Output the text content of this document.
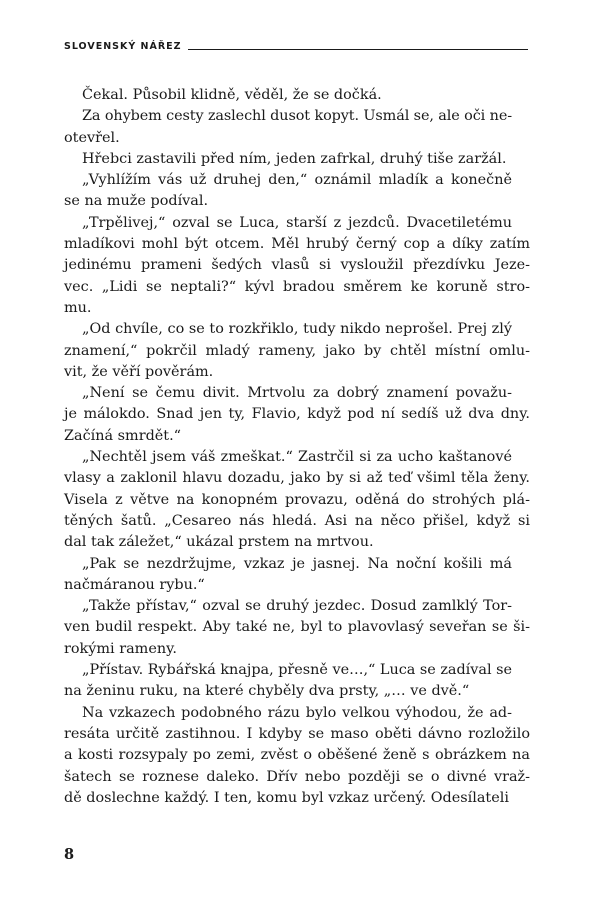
SLOVENSKÝ NÁŘEZ
Čekal. Působil klidně, věděl, že se dočká.
Za ohybem cesty zaslechl dusot kopyt. Usmál se, ale oči ne-
otevřel.
Hřebci zastavili před ním, jeden zafrkal, druhý tiše zaržál.
„Vyhlížím vás už druhej den,“ oznámil mladík a konečně
se na muže podíval.
„Trpělivej,“ ozval se Luca, starší z jezdců. Dvacetiletému
mladíkovi mohl být otcem. Měl hrubý černý cop a díky zatím
jedinému prameni šedých vlasů si vysloužil přezdívku Jeze-
vec. „Lidi se neptali?“ kývl bradou směrem ke koruně stro-
mu.
„Od chvíle, co se to rozkřiklo, tudy nikdo neprošel. Prej zlý
znamení,“ pokrčil mladý rameny, jako by chtěl místní omlu-
vit, že věří pověrám.
„Není se čemu divit. Mrtvolu za dobrý znamení považu-
je málokdo. Snad jen ty, Flavio, když pod ní sedíš už dva dny.
Začíná smrdět.“
„Nechtěl jsem váš zmeškat.“ Zastrčil si za ucho kaštanové
vlasy a zaklonil hlavu dozadu, jako by si až teď všiml těla ženy.
Visela z větve na konopném provazu, oděná do strohých plá-
těných šatů. „Cesareo nás hledá. Asi na něco přišel, když si
dal tak záležet,“ ukázal prstem na mrtvou.
„Pak se nezdržujme, vzkaz je jasnej. Na noční košili má
načmáranou rybu.“
„Takže přístav,“ ozval se druhý jezdec. Dosud zamlklý Tor-
ven budil respekt. Aby také ne, byl to plavovlasý seveřan se ši-
rokými rameny.
„Přístav. Rybářská knajpa, přesně ve…,“ Luca se zadíval se
na ženinu ruku, na které chyběly dva prsty, „… ve dvě.“
Na vzkazech podobného rázu bylo velkou výhodou, že ad-
resáta určitě zastihnou. I kdyby se maso oběti dávno rozložilo
a kosti rozsypaly po zemi, zvěst o oběšené ženě s obrázkem na
šatech se roznese daleko. Dřív nebo později se o divné vraž-
dě doslechne každý. I ten, komu byl vzkaz určený. Odesílateli
8
